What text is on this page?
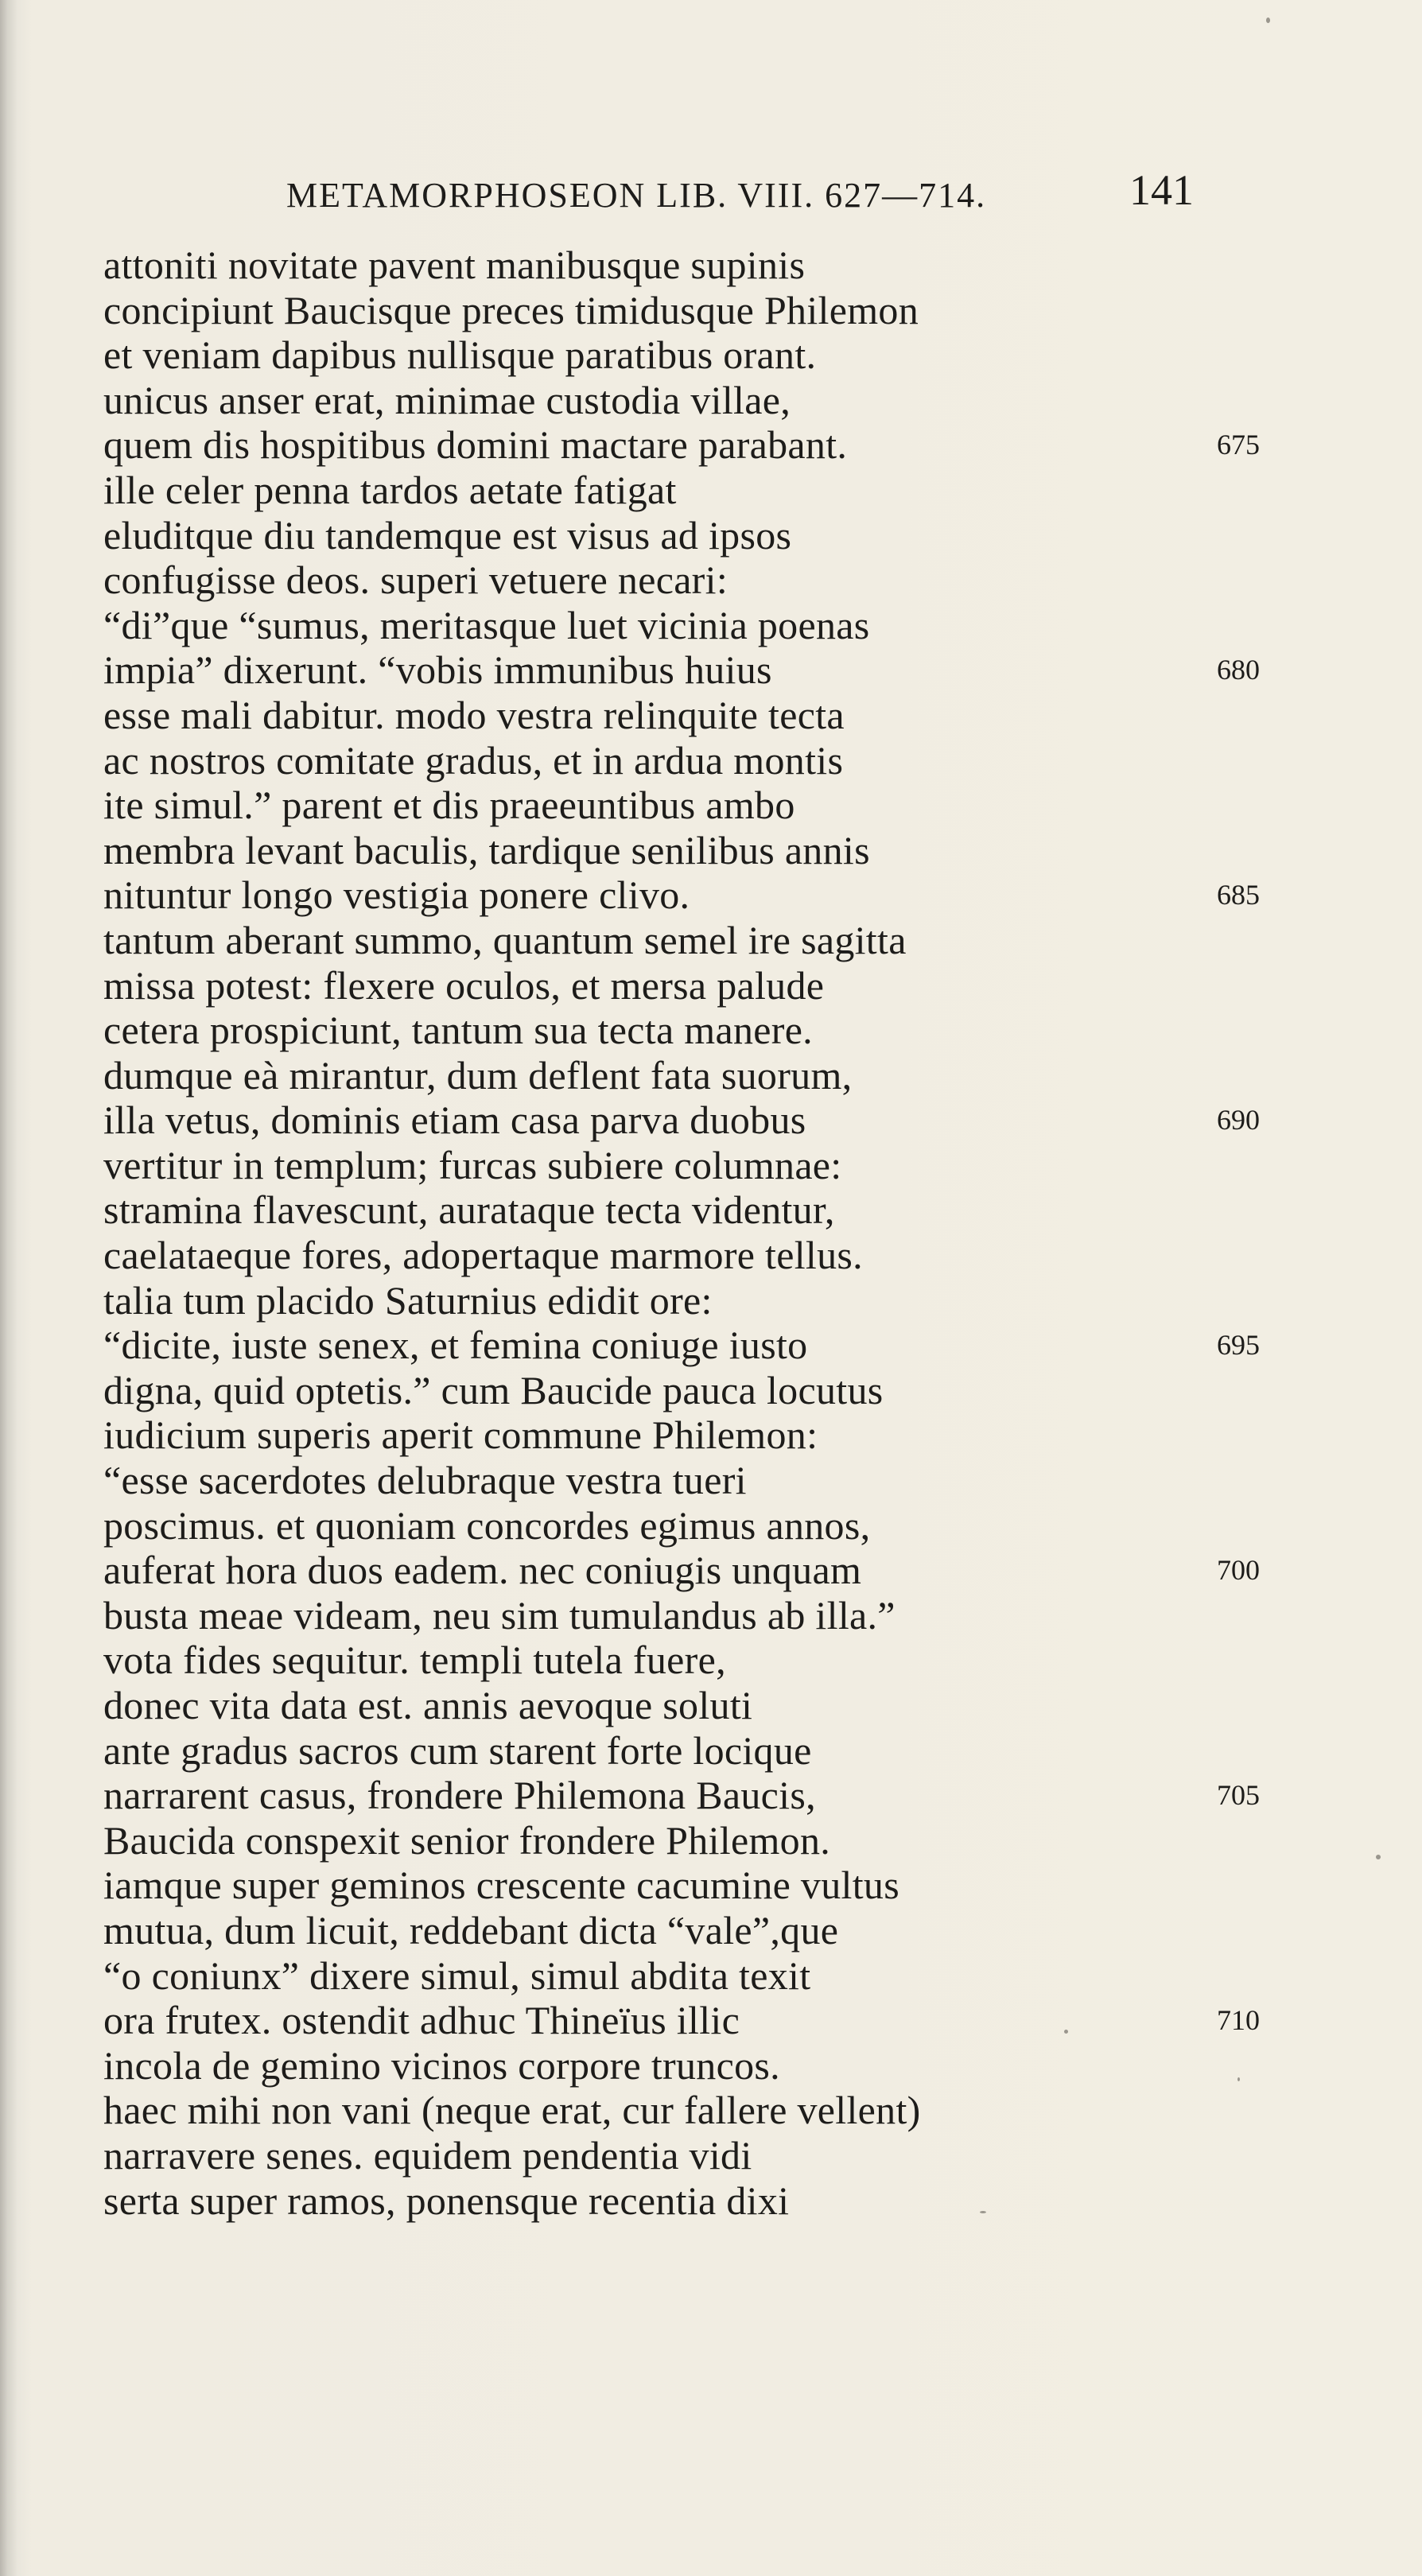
METAMORPHOSEON LIB. VIII. 627—714.	141
attoniti novitate pavent manibusque supinis
concipiunt Baucisque preces timidusque Philemon
et veniam dapibus nullisque paratibus orant.
unicus anser erat, minimae custodia villae,
quem dis hospitibus domini mactare parabant.	675
ille celer penna tardos aetate fatigat
eluditque diu tandemque est visus ad ipsos
confugisse deos. superi vetuere necari:
“di”que “sumus, meritasque luet vicinia poenas
impia” dixerunt. “vobis immunibus huius	680
esse mali dabitur. modo vestra relinquite tecta
ac nostros comitate gradus, et in ardua montis
ite simul.” parent et dis praeeuntibus ambo
membra levant baculis, tardique senilibus annis
nituntur longo vestigia ponere clivo.	685
tantum aberant summo, quantum semel ire sagitta
missa potest: flexere oculos, et mersa palude
cetera prospiciunt, tantum sua tecta manere.
dumque eà mirantur, dum deflent fata suorum,
illa vetus, dominis etiam casa parva duobus	690
vertitur in templum; furcas subiere columnae:
stramina flavescunt, aurataque tecta videntur,
caelataeque fores, adopertaque marmore tellus.
talia tum placido Saturnius edidit ore:
“dicite, iuste senex, et femina coniuge iusto	695
digna, quid optetis.” cum Baucide pauca locutus
iudicium superis aperit commune Philemon:
“esse sacerdotes delubraque vestra tueri
poscimus. et quoniam concordes egimus annos,
auferat hora duos eadem. nec coniugis unquam	700
busta meae videam, neu sim tumulandus ab illa.”
vota fides sequitur. templi tutela fuere,
donec vita data est. annis aevoque soluti
ante gradus sacros cum starent forte locique
narrarent casus, frondere Philemona Baucis,	705
Baucida conspexit senior frondere Philemon.
iamque super geminos crescente cacumine vultus
mutua, dum licuit, reddebant dicta “vale”,que
“o coniunx” dixere simul, simul abdita texit
ora frutex. ostendit adhuc Thineïus illic	710
incola de gemino vicinos corpore truncos.
haec mihi non vani (neque erat, cur fallere vellent)
narravere senes. equidem pendentia vidi
serta super ramos, ponensque recentia dixi
